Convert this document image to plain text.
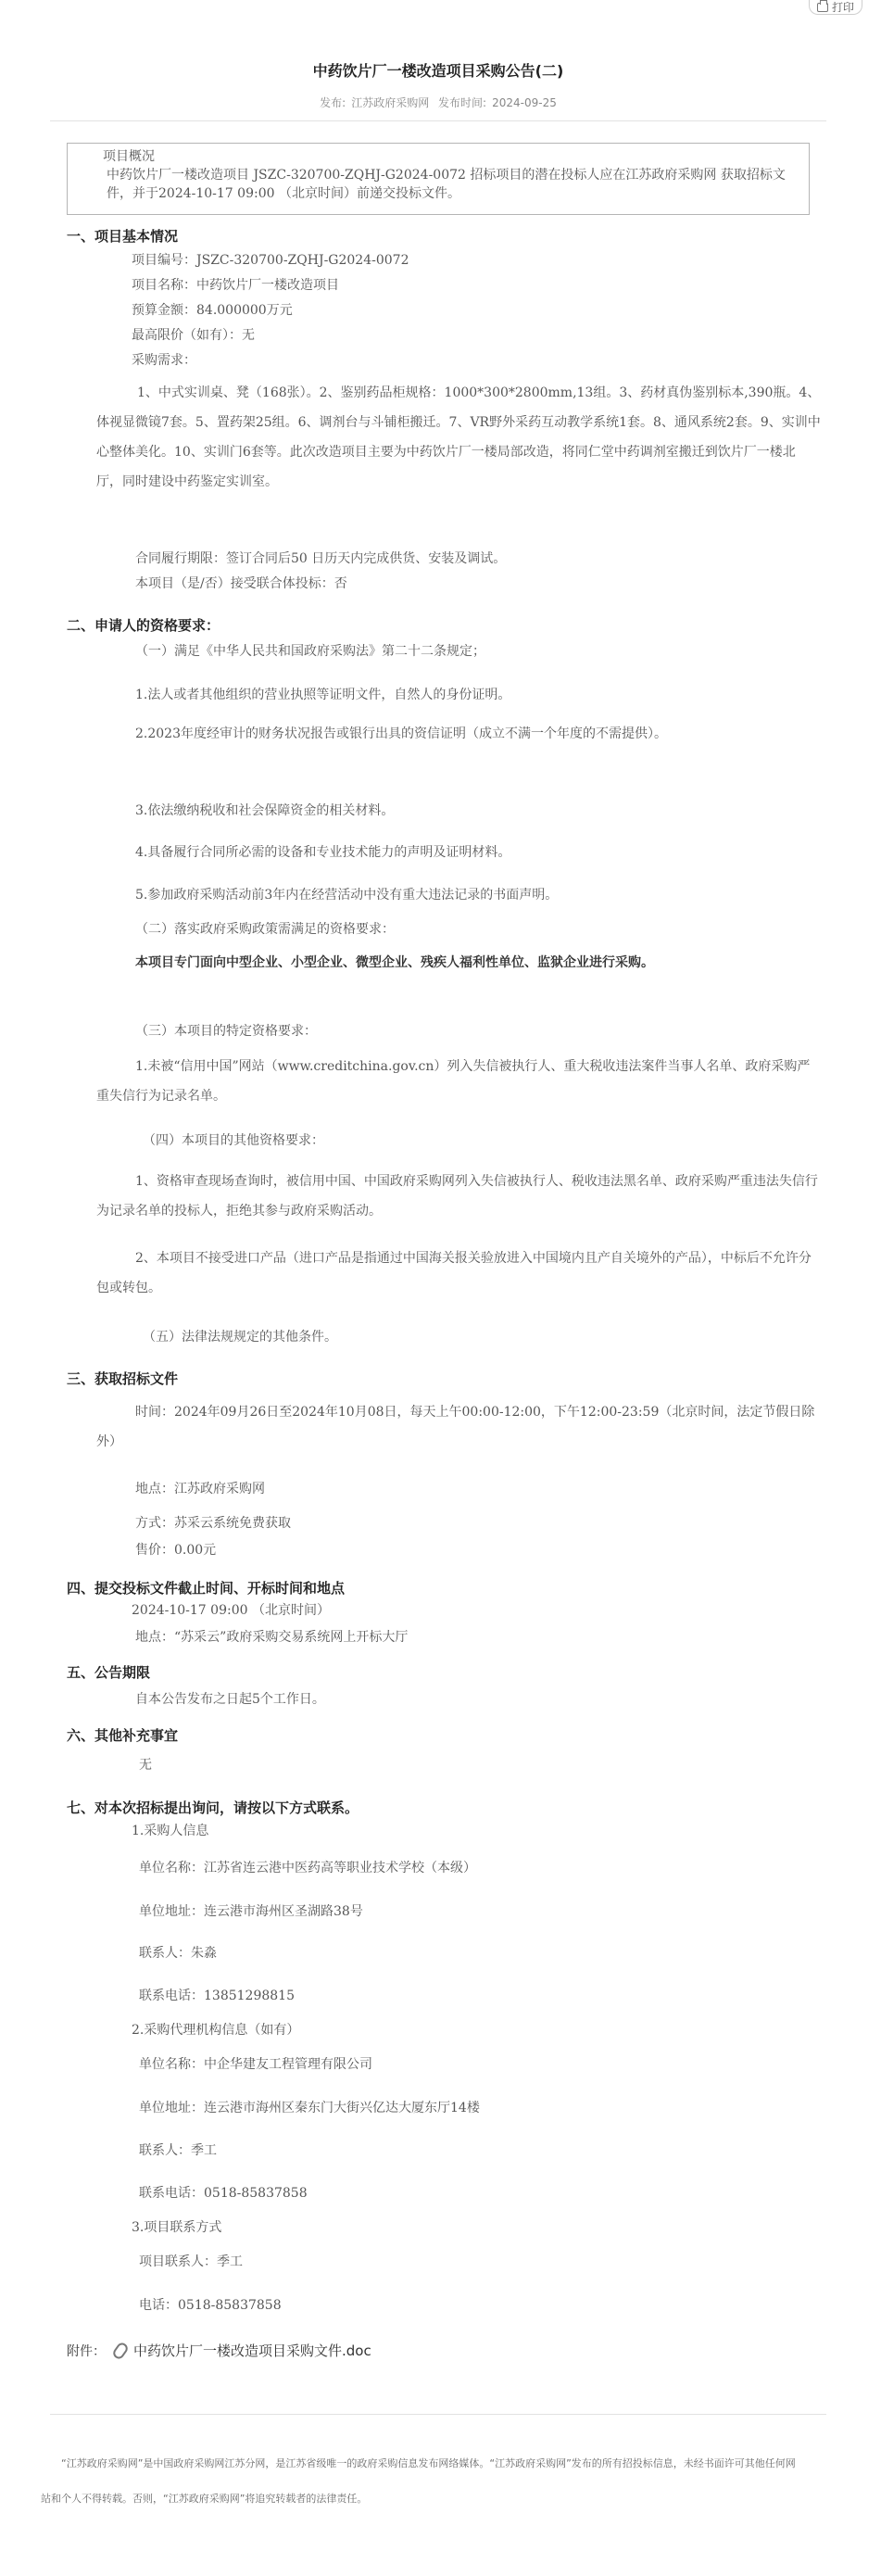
打印
中药饮片厂一楼改造项目采购公告(二)
发布: 江苏政府采购网 发布时间: 2024-09-25
项目概况
中药饮片厂一楼改造项目 JSZC-320700-ZQHJ-G2024-0072 招标项目的潜在投标人应在江苏政府采购网 获取招标文件，并于2024-10-17 09:00 （北京时间）前递交投标文件。
一、项目基本情况
项目编号：JSZC-320700-ZQHJ-G2024-0072
项目名称：中药饮片厂一楼改造项目
预算金额：84.000000万元
最高限价（如有）：无
采购需求：
1、中式实训桌、凳（168张）。2、鉴别药品柜规格：1000*300*2800mm,13组。3、药材真伪鉴别标本,390瓶。4、体视显微镜7套。5、置药架25组。6、调剂台与斗铺柜搬迁。7、VR野外采药互动教学系统1套。8、通风系统2套。9、实训中心整体美化。10、实训门6套等。此次改造项目主要为中药饮片厂一楼局部改造，将同仁堂中药调剂室搬迁到饮片厂一楼北厅，同时建设中药鉴定实训室。
合同履行期限：签订合同后50 日历天内完成供货、安装及调试。
本项目（是/否）接受联合体投标：否
二、申请人的资格要求：
（一）满足《中华人民共和国政府采购法》第二十二条规定；
1.法人或者其他组织的营业执照等证明文件，自然人的身份证明。
2.2023年度经审计的财务状况报告或银行出具的资信证明（成立不满一个年度的不需提供）。
3.依法缴纳税收和社会保障资金的相关材料。
4.具备履行合同所必需的设备和专业技术能力的声明及证明材料。
5.参加政府采购活动前3年内在经营活动中没有重大违法记录的书面声明。
（二）落实政府采购政策需满足的资格要求：
本项目专门面向中型企业、小型企业、微型企业、残疾人福利性单位、监狱企业进行采购。
（三）本项目的特定资格要求：
1.未被“信用中国”网站（www.creditchina.gov.cn）列入失信被执行人、重大税收违法案件当事人名单、政府采购严重失信行为记录名单。
（四）本项目的其他资格要求：
1、资格审查现场查询时，被信用中国、中国政府采购网列入失信被执行人、税收违法黑名单、政府采购严重违法失信行为记录名单的投标人，拒绝其参与政府采购活动。
2、本项目不接受进口产品（进口产品是指通过中国海关报关验放进入中国境内且产自关境外的产品），中标后不允许分包或转包。
（五）法律法规规定的其他条件。
三、获取招标文件
时间：2024年09月26日至2024年10月08日，每天上午00:00-12:00，下午12:00-23:59（北京时间，法定节假日除外）
地点：江苏政府采购网
方式：苏采云系统免费获取
售价：0.00元
四、提交投标文件截止时间、开标时间和地点
2024-10-17 09:00 （北京时间）
地点：“苏采云”政府采购交易系统网上开标大厅
五、公告期限
自本公告发布之日起5个工作日。
六、其他补充事宜
无
七、对本次招标提出询问，请按以下方式联系。
1.采购人信息
单位名称：江苏省连云港中医药高等职业技术学校（本级）
单位地址：连云港市海州区圣湖路38号
联系人：朱淼
联系电话：13851298815
2.采购代理机构信息（如有）
单位名称：中企华建友工程管理有限公司
单位地址：连云港市海州区秦东门大街兴亿达大厦东厅14楼
联系人：季工
联系电话：0518-85837858
3.项目联系方式
项目联系人：季工
电话：0518-85837858
附件： 中药饮片厂一楼改造项目采购文件.doc
“江苏政府采购网”是中国政府采购网江苏分网，是江苏省级唯一的政府采购信息发布网络媒体。“江苏政府采购网”发布的所有招投标信息，未经书面许可其他任何网站和个人不得转载。否则，“江苏政府采购网”将追究转载者的法律责任。
